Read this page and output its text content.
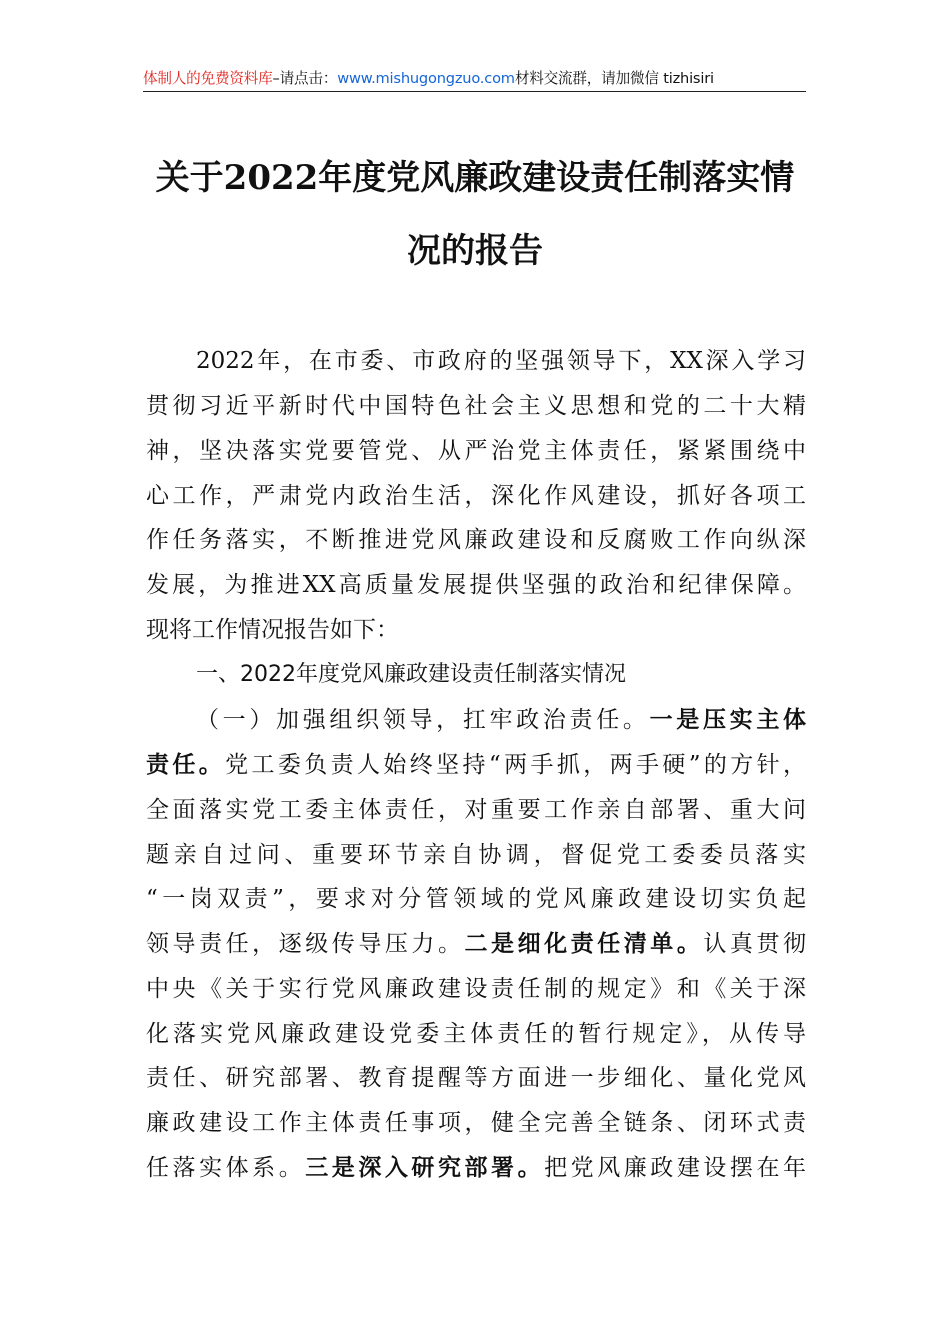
体制人的免费资料库–请点击：www.mishugongzuo.com材料交流群，请加微信 tizhisiri
关于2022年度党风廉政建设责任制落实情
况的报告
2022年，在市委、市政府的坚强领导下，XX深入学习
贯彻习近平新时代中国特色社会主义思想和党的二十大精
神，坚决落实党要管党、从严治党主体责任，紧紧围绕中
心工作，严肃党内政治生活，深化作风建设，抓好各项工
作任务落实，不断推进党风廉政建设和反腐败工作向纵深
发展，为推进XX高质量发展提供坚强的政治和纪律保障。
现将工作情况报告如下：
一、2022年度党风廉政建设责任制落实情况
（一）加强组织领导，扛牢政治责任。一是压实主体
责任。党工委负责人始终坚持“两手抓，两手硬”的方针，
全面落实党工委主体责任，对重要工作亲自部署、重大问
题亲自过问、重要环节亲自协调，督促党工委委员落实
“一岗双责”，要求对分管领域的党风廉政建设切实负起
领导责任，逐级传导压力。二是细化责任清单。认真贯彻
中央《关于实行党风廉政建设责任制的规定》和《关于深
化落实党风廉政建设党委主体责任的暂行规定》，从传导
责任、研究部署、教育提醒等方面进一步细化、量化党风
廉政建设工作主体责任事项，健全完善全链条、闭环式责
任落实体系。三是深入研究部署。把党风廉政建设摆在年
